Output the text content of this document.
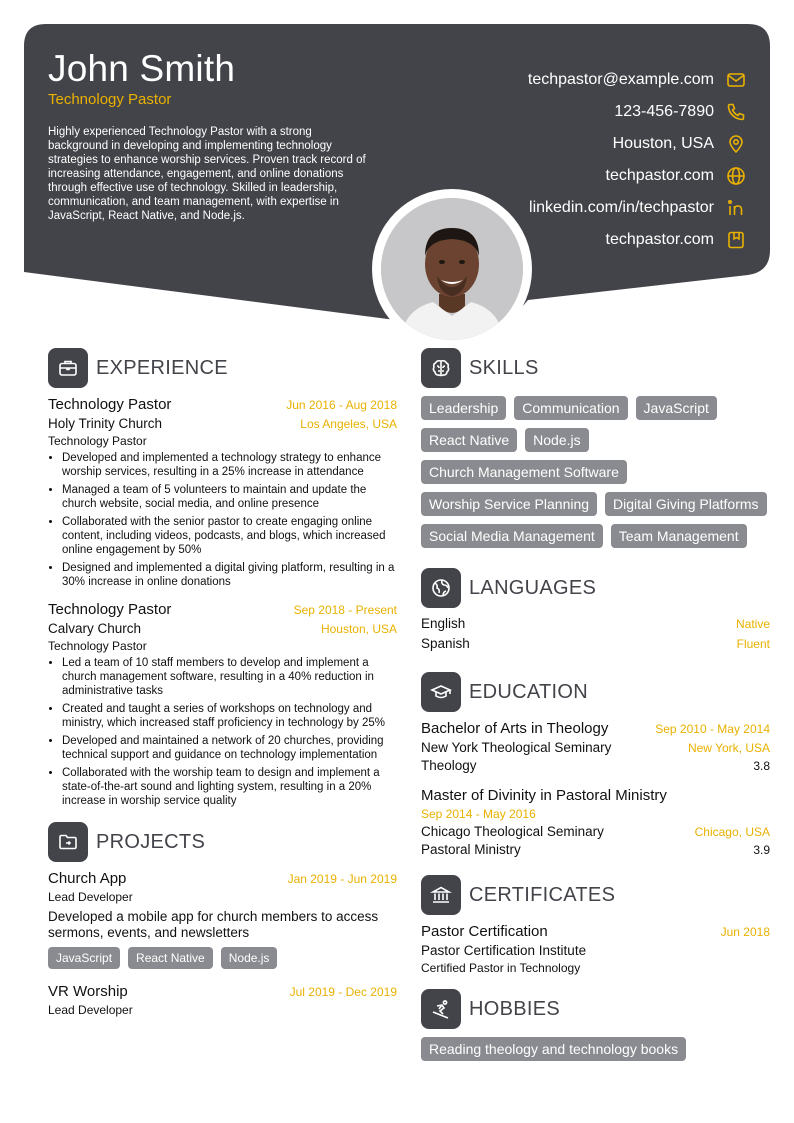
John Smith
Technology Pastor
Highly experienced Technology Pastor with a strong background in developing and implementing technology strategies to enhance worship services. Proven track record of increasing attendance, engagement, and online donations through effective use of technology. Skilled in leadership, communication, and team management, with expertise in JavaScript, React Native, and Node.js.
techpastor@example.com
123-456-7890
Houston, USA
techpastor.com
linkedin.com/in/techpastor
techpastor.com
EXPERIENCE
Technology Pastor	Jun 2016 - Aug 2018
Holy Trinity Church	Los Angeles, USA
Technology Pastor
• Developed and implemented a technology strategy to enhance worship services, resulting in a 25% increase in attendance
• Managed a team of 5 volunteers to maintain and update the church website, social media, and online presence
• Collaborated with the senior pastor to create engaging online content, including videos, podcasts, and blogs, which increased online engagement by 50%
• Designed and implemented a digital giving platform, resulting in a 30% increase in online donations
Technology Pastor	Sep 2018 - Present
Calvary Church	Houston, USA
Technology Pastor
• Led a team of 10 staff members to develop and implement a church management software, resulting in a 40% reduction in administrative tasks
• Created and taught a series of workshops on technology and ministry, which increased staff proficiency in technology by 25%
• Developed and maintained a network of 20 churches, providing technical support and guidance on technology implementation
• Collaborated with the worship team to design and implement a state-of-the-art sound and lighting system, resulting in a 20% increase in worship service quality
PROJECTS
Church App	Jan 2019 - Jun 2019
Lead Developer
Developed a mobile app for church members to access sermons, events, and newsletters
JavaScript	React Native	Node.js
VR Worship	Jul 2019 - Dec 2019
Lead Developer
SKILLS
Leadership	Communication	JavaScript
React Native	Node.js
Church Management Software
Worship Service Planning	Digital Giving Platforms
Social Media Management	Team Management
LANGUAGES
English	Native
Spanish	Fluent
EDUCATION
Bachelor of Arts in Theology	Sep 2010 - May 2014
New York Theological Seminary	New York, USA
Theology	3.8
Master of Divinity in Pastoral Ministry
Sep 2014 - May 2016
Chicago Theological Seminary	Chicago, USA
Pastoral Ministry	3.9
CERTIFICATES
Pastor Certification	Jun 2018
Pastor Certification Institute
Certified Pastor in Technology
HOBBIES
Reading theology and technology books
